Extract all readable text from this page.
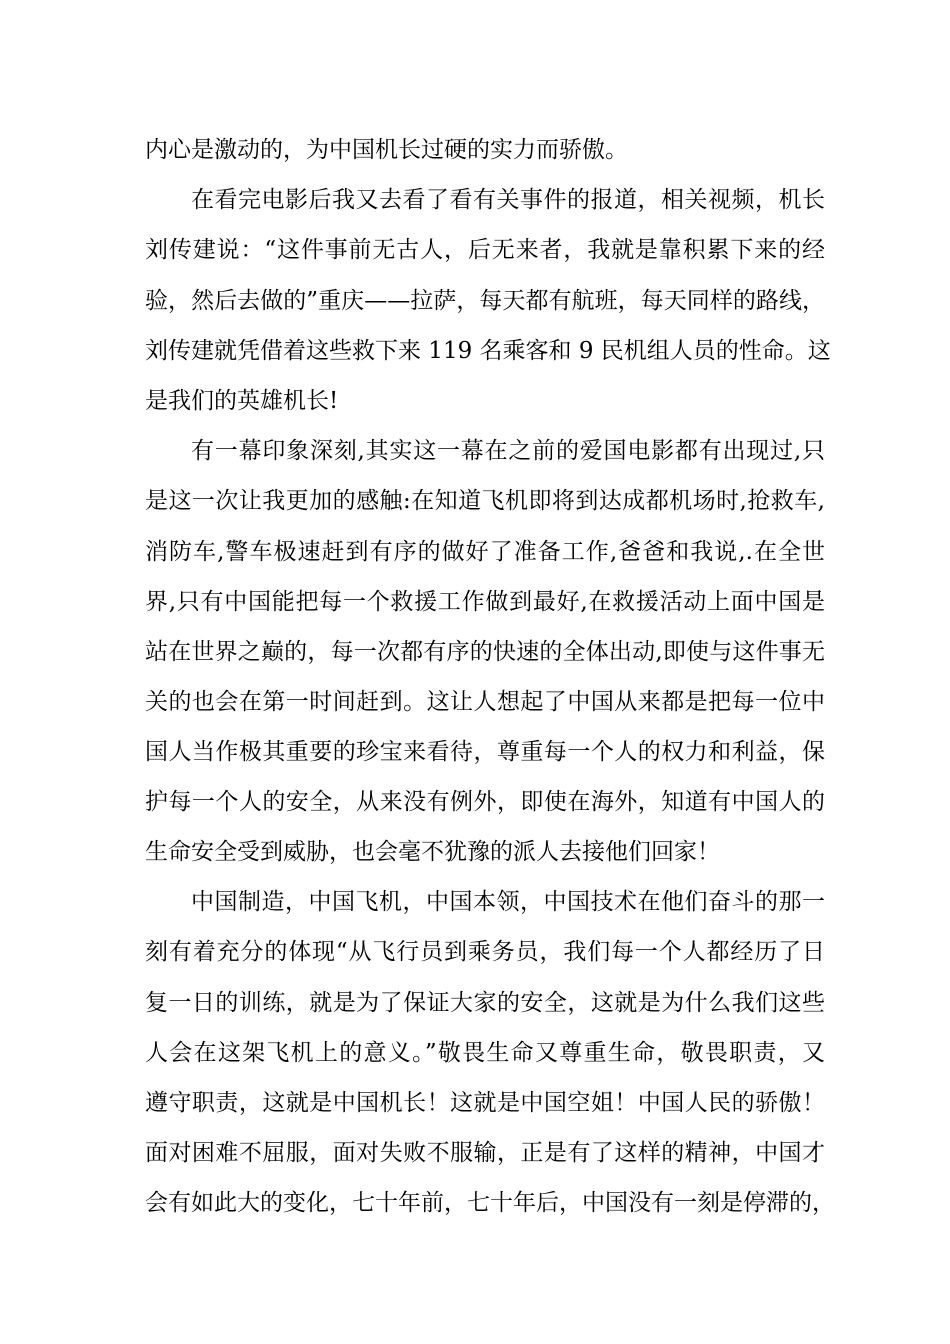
内心是激动的，为中国机长过硬的实力而骄傲。
在看完电影后我又去看了看有关事件的报道，相关视频，机长
刘传建说：“这件事前无古人，后无来者，我就是靠积累下来的经
验，然后去做的”重庆——拉萨，每天都有航班，每天同样的路线，
刘传建就凭借着这些救下来 119 名乘客和 9 民机组人员的性命。这
是我们的英雄机长!
有一幕印象深刻,其实这一幕在之前的爱国电影都有出现过,只
是这一次让我更加的感触:在知道飞机即将到达成都机场时,抢救车,
消防车,警车极速赶到有序的做好了准备工作,爸爸和我说,.在全世
界,只有中国能把每一个救援工作做到最好,在救援活动上面中国是
站在世界之巅的，每一次都有序的快速的全体出动,即使与这件事无
关的也会在第一时间赶到。这让人想起了中国从来都是把每一位中
国人当作极其重要的珍宝来看待，尊重每一个人的权力和利益，保
护每一个人的安全，从来没有例外，即使在海外，知道有中国人的
生命安全受到威胁，也会毫不犹豫的派人去接他们回家！
中国制造，中国飞机，中国本领，中国技术在他们奋斗的那一
刻有着充分的体现“从飞行员到乘务员，我们每一个人都经历了日
复一日的训练，就是为了保证大家的安全，这就是为什么我们这些
人会在这架飞机上的意义。”敬畏生命又尊重生命，敬畏职责，又
遵守职责，这就是中国机长！这就是中国空姐！中国人民的骄傲！
面对困难不屈服，面对失败不服输，正是有了这样的精神，中国才
会有如此大的变化，七十年前，七十年后，中国没有一刻是停滞的，
